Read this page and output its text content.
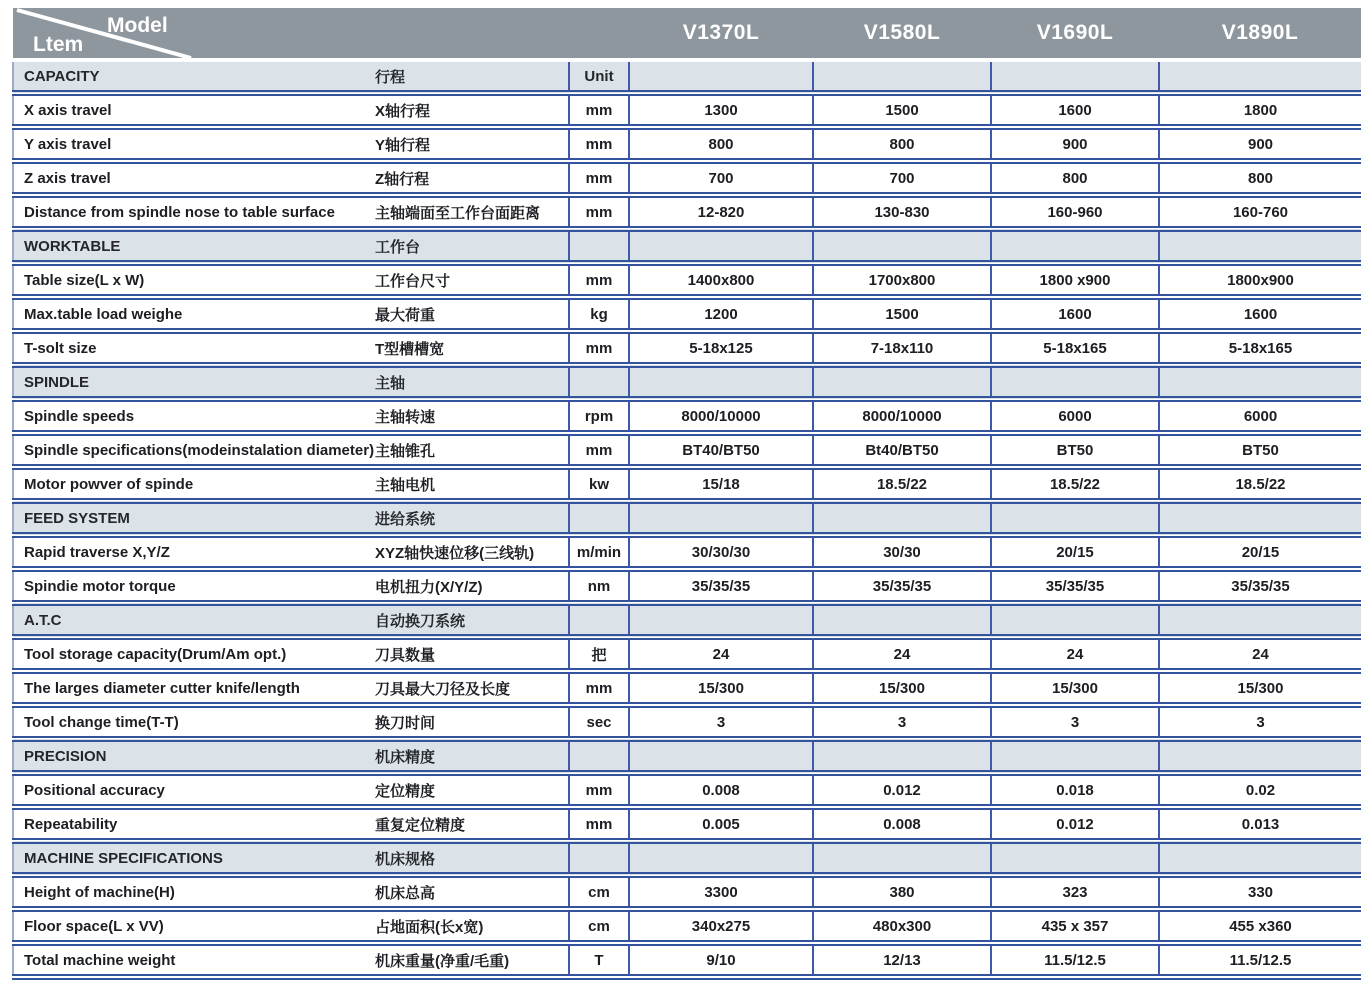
Model
Ltem			V1370L	V1580L	V1690L	V1890L
CAPACITY	行程	Unit				
X axis travel	X轴行程	mm	1300	1500	1600	1800
Y axis travel	Y轴行程	mm	800	800	900	900
Z axis travel	Z轴行程	mm	700	700	800	800
Distance from spindle nose to table surface	主轴端面至工作台面距离	mm	12-820	130-830	160-960	160-760
WORKTABLE	工作台					
Table size(L x W)	工作台尺寸	mm	1400x800	1700x800	1800 x900	1800x900
Max.table load weighe	最大荷重	kg	1200	1500	1600	1600
T-solt size	T型槽槽宽	mm	5-18x125	7-18x110	5-18x165	5-18x165
SPINDLE	主轴					
Spindle speeds	主轴转速	rpm	8000/10000	8000/10000	6000	6000
Spindle specifications(modeinstalation diameter)	主轴锥孔	mm	BT40/BT50	Bt40/BT50	BT50	BT50
Motor powver of spinde	主轴电机	kw	15/18	18.5/22	18.5/22	18.5/22
FEED SYSTEM	进给系统					
Rapid traverse X,Y/Z	XYZ轴快速位移(三线轨)	m/min	30/30/30	30/30	20/15	20/15
Spindie motor torque	电机扭力(X/Y/Z)	nm	35/35/35	35/35/35	35/35/35	35/35/35
A.T.C	自动换刀系统					
Tool storage capacity(Drum/Am opt.)	刀具数量	把	24	24	24	24
The larges diameter cutter knife/length	刀具最大刀径及长度	mm	15/300	15/300	15/300	15/300
Tool change time(T-T)	换刀时间	sec	3	3	3	3
PRECISION	机床精度					
Positional accuracy	定位精度	mm	0.008	0.012	0.018	0.02
Repeatability	重复定位精度	mm	0.005	0.008	0.012	0.013
MACHINE SPECIFICATIONS	机床规格					
Height of machine(H)	机床总高	cm	3300	380	323	330
Floor space(L x VV)	占地面积(长x宽)	cm	340x275	480x300	435 x 357	455 x360
Total machine weight	机床重量(净重/毛重)	T	9/10	12/13	11.5/12.5	11.5/12.5
